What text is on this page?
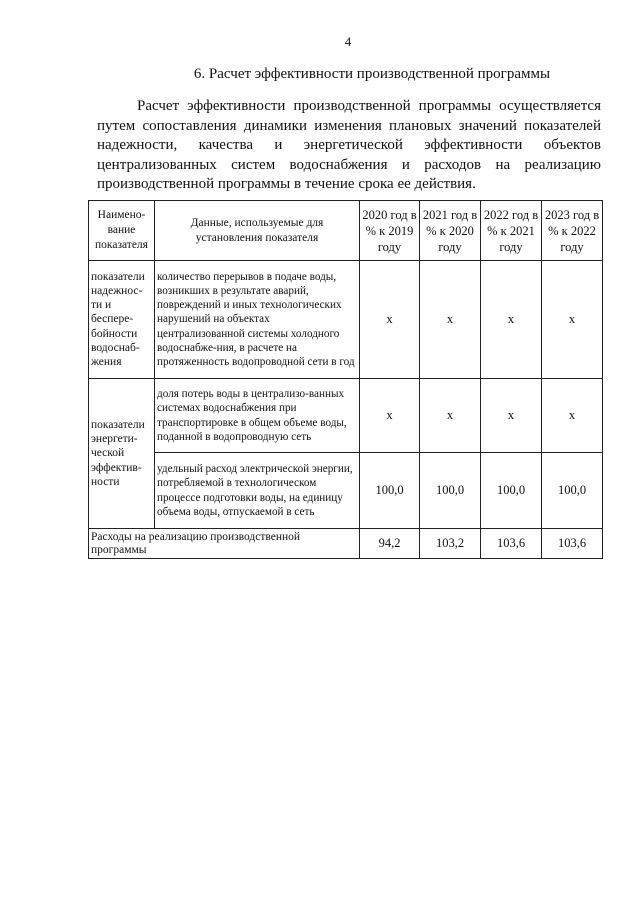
4
6. Расчет эффективности производственной программы

Расчет эффективности производственной программы осуществляется путем сопоставления динамики изменения плановых значений показателей надежности, качества и энергетической эффективности объектов централизованных систем водоснабжения и расходов на реализацию производственной программы в течение срока ее действия.

Наимено-вание показателя	Данные, используемые для установления показателя	2020 год в % к 2019 году	2021 год в % к 2020 году	2022 год в % к 2021 году	2023 год в % к 2022 году
показатели надежнос-ти и беспере-бойности водоснаб-жения	количество перерывов в подаче воды, возникших в результате аварий, повреждений и иных технологических нарушений на объектах централизованной системы холодного водоснабже-ния, в расчете на протяженность водопроводной сети в год	х	х	х	х
показатели энергети-ческой эффектив-ности	доля потерь воды в централизо-ванных системах водоснабжения при транспортировке в общем объеме воды, поданной в водопроводную сеть	х	х	х	х
	удельный расход электрической энергии, потребляемой в технологическом процессе подготовки воды, на единицу объема воды, отпускаемой в сеть	100,0	100,0	100,0	100,0
Расходы на реализацию производственной программы		94,2	103,2	103,6	103,6
